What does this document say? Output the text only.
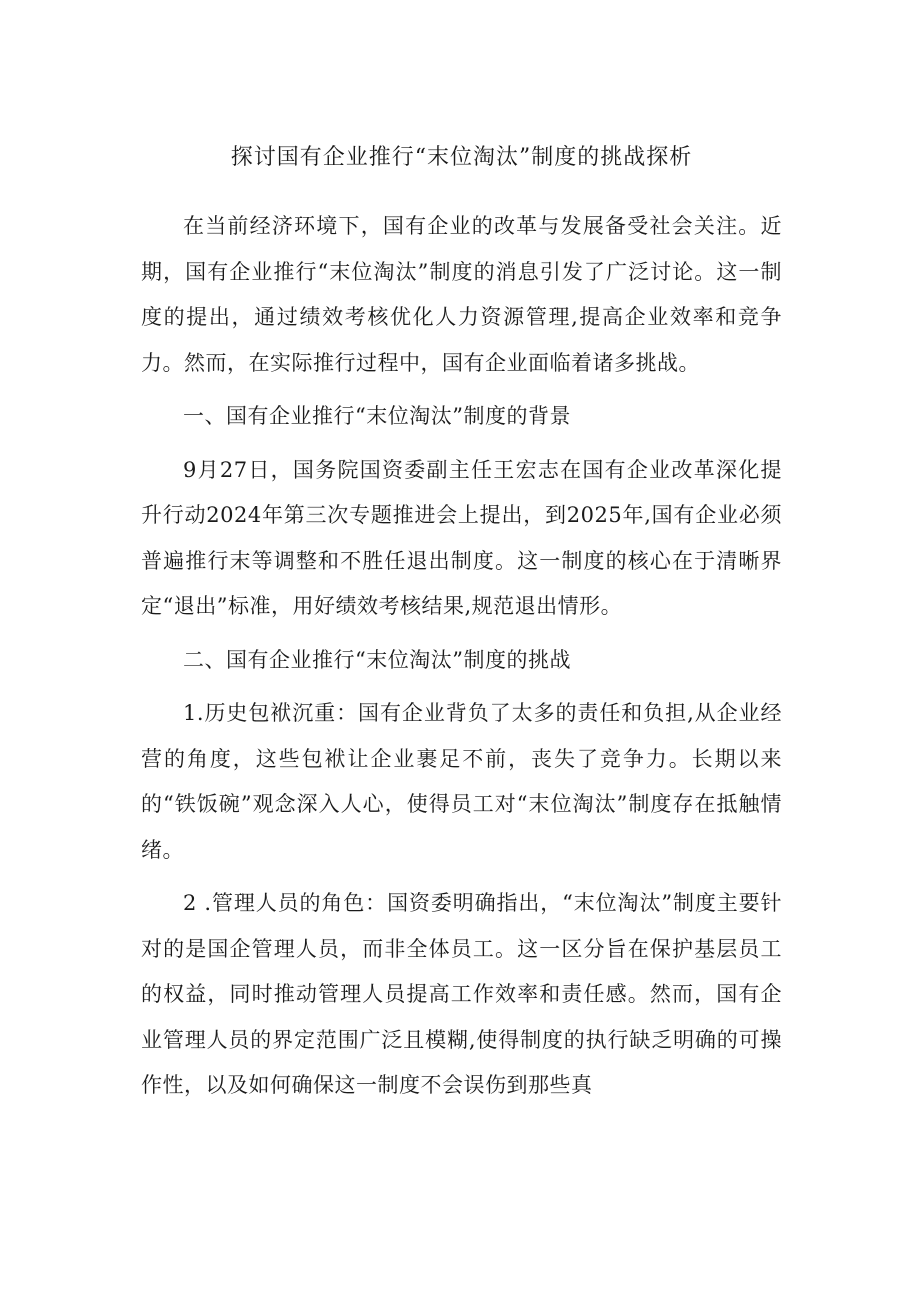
探讨国有企业推行“末位淘汰”制度的挑战探析

在当前经济环境下，国有企业的改革与发展备受社会关注。近期，国有企业推行“末位淘汰”制度的消息引发了广泛讨论。这一制度的提出，通过绩效考核优化人力资源管理,提高企业效率和竞争力。然而，在实际推行过程中，国有企业面临着诸多挑战。

一、国有企业推行“末位淘汰”制度的背景

9月27日，国务院国资委副主任王宏志在国有企业改革深化提升行动2024年第三次专题推进会上提出，到2025年,国有企业必须普遍推行末等调整和不胜任退出制度。这一制度的核心在于清晰界定“退出”标准，用好绩效考核结果,规范退出情形。

二、国有企业推行“末位淘汰”制度的挑战

1.历史包袱沉重：国有企业背负了太多的责任和负担,从企业经营的角度，这些包袱让企业裹足不前，丧失了竞争力。长期以来的“铁饭碗”观念深入人心，使得员工对“末位淘汰”制度存在抵触情绪。

2 .管理人员的角色：国资委明确指出，“末位淘汰”制度主要针对的是国企管理人员，而非全体员工。这一区分旨在保护基层员工的权益，同时推动管理人员提高工作效率和责任感。然而，国有企业管理人员的界定范围广泛且模糊,使得制度的执行缺乏明确的可操作性，以及如何确保这一制度不会误伤到那些真
